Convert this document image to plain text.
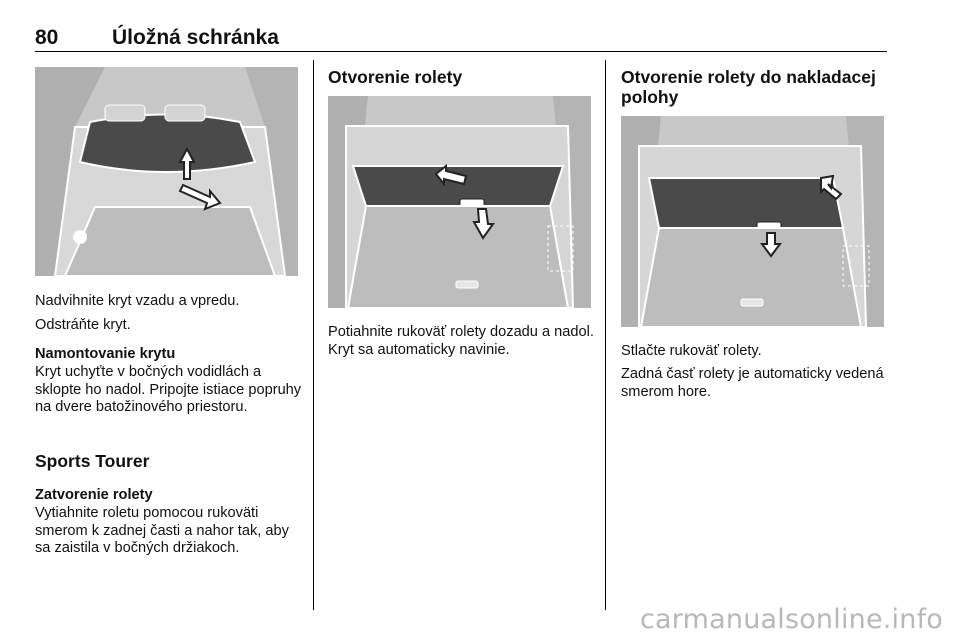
80	Úložná schránka
Nadvihnite kryt vzadu a vpredu.
Odstráňte kryt.
Namontovanie krytu
Kryt uchyťte v bočných vodidlách a sklopte ho nadol. Pripojte istiace popruhy na dvere batožinového priestoru.
Sports Tourer
Zatvorenie rolety
Vytiahnite roletu pomocou rukoväti smerom k zadnej časti a nahor tak, aby sa zaistila v bočných držiakoch.
Otvorenie rolety
Potiahnite rukoväť rolety dozadu a nadol. Kryt sa automaticky navinie.
Otvorenie rolety do nakladacej polohy
Stlačte rukoväť rolety.
Zadná časť rolety je automaticky vedená smerom hore.
carmanualsonline.info
